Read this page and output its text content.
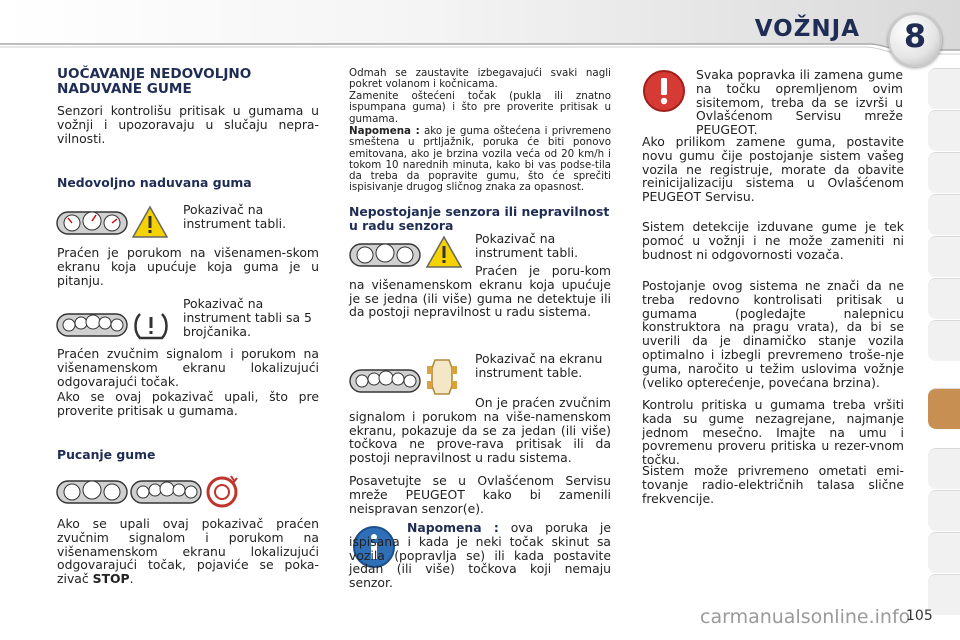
VOŽNJA	8
UOČAVANJE NEDOVOLJNO NADUVANE GUME
Senzori kontrolišu pritisak u gumama u vožnji i upozoravaju u slučaju nepra-vilnosti.
Nedovoljno naduvana guma
Pokazivač na instrument tabli.
Praćen je porukom na višenamen-skom ekranu koja upućuje koja guma je u pitanju.
Pokazivač na instrument tabli sa 5 brojčanika.
Praćen zvučnim signalom i porukom na višenamenskom ekranu lokalizujući odgovarajući točak.
Ako se ovaj pokazivač upali, što pre proverite pritisak u gumama.
Pucanje gume
Ako se upali ovaj pokazivač praćen zvučnim signalom i porukom na višenamenskom ekranu lokalizujući odgovarajući točak, pojaviće se poka-zivač STOP.
Odmah se zaustavite izbegavajući svaki nagli pokret volanom i kočnicama.
Zamenite oštećeni točak (pukla ili znatno ispumpana guma) i što pre proverite pritisak u gumama.
Napomena : ako je guma oštećena i privremeno smeštena u prtljažnik, poruka će biti ponovo emitovana, ako je brzina vozila veća od 20 km/h i tokom 10 narednih minuta, kako bi vas podse-tila da treba da popravite gumu, što će sprečiti ispisivanje drugog sličnog znaka za opasnost.
Nepostojanje senzora ili nepravilnost u radu senzora
Pokazivač na instrument tabli.
Praćen je poru-kom na višenamenskom ekranu koja upućuje je se jedna (ili više) guma ne detektuje ili da postoji nepravilnost u radu sistema.
Pokazivač na ekranu instrument table.
On je praćen zvučnim signalom i porukom na više-namenskom ekranu, pokazuje da se za jedan (ili više) točkova ne prove-rava pritisak ili da postoji nepravilnost u radu sistema.
Posavetujte se u Ovlašćenom Servisu mreže PEUGEOT kako bi zamenili neispravan senzor(e).
Napomena : ova poruka je ispisana i kada je neki točak skinut sa vozila (popravlja se) ili kada postavite jedan (ili više) točkova koji nemaju senzor.
Svaka popravka ili zamena gume na točku opremljenom ovim sisitemom, treba da se izvrši u Ovlašćenom Servisu mreže PEUGEOT.
Ako prilikom zamene guma, postavite novu gumu čije postojanje sistem vašeg vozila ne registruje, morate da obavite reinicijalizaciju sistema u Ovlašćenom PEUGEOT Servisu.
Sistem detekcije izduvane gume je tek pomoć u vožnji i ne može zameniti ni budnost ni odgovornosti vozača.
Postojanje ovog sistema ne znači da ne treba redovno kontrolisati pritisak u gumama (pogledajte nalepnicu konstruktora na pragu vrata), da bi se uverili da je dinamičko stanje vozila optimalno i izbegli prevremeno troše-nje guma, naročito u težim uslovima vožnje (veliko opterećenje, povećana brzina).
Kontrolu pritiska u gumama treba vršiti kada su gume nezagrejane, najmanje jednom mesečno. Imajte na umu i povremenu proveru pritiska u rezer-vnom točku.
Sistem može privremeno ometati emi-tovanje radio-električnih talasa slične frekvencije.
carmanualsonline.info
105
